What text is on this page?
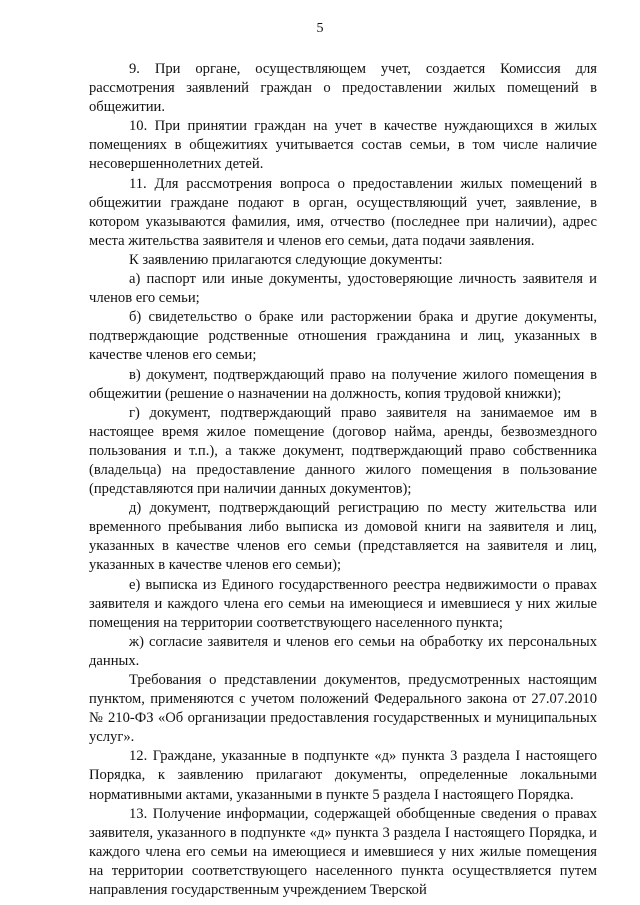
5

9. При органе, осуществляющем учет, создается Комиссия для рассмотрения заявлений граждан о предоставлении жилых помещений в общежитии.

10. При принятии граждан на учет в качестве нуждающихся в жилых помещениях в общежитиях учитывается состав семьи, в том числе наличие несовершеннолетних детей.

11. Для рассмотрения вопроса о предоставлении жилых помещений в общежитии граждане подают в орган, осуществляющий учет, заявление, в котором указываются фамилия, имя, отчество (последнее при наличии), адрес места жительства заявителя и членов его семьи, дата подачи заявления.

К заявлению прилагаются следующие документы:

а) паспорт или иные документы, удостоверяющие личность заявителя и членов его семьи;

б) свидетельство о браке или расторжении брака и другие документы, подтверждающие родственные отношения гражданина и лиц, указанных в качестве членов его семьи;

в) документ, подтверждающий право на получение жилого помещения в общежитии (решение о назначении на должность, копия трудовой книжки);

г) документ, подтверждающий право заявителя на занимаемое им в настоящее время жилое помещение (договор найма, аренды, безвозмездного пользования и т.п.), а также документ, подтверждающий право собственника (владельца) на предоставление данного жилого помещения в пользование (представляются при наличии данных документов);

д) документ, подтверждающий регистрацию по месту жительства или временного пребывания либо выписка из домовой книги на заявителя и лиц, указанных в качестве членов его семьи (представляется на заявителя и лиц, указанных в качестве членов его семьи);

е) выписка из Единого государственного реестра недвижимости о правах заявителя и каждого члена его семьи на имеющиеся и имевшиеся у них жилые помещения на территории соответствующего населенного пункта;

ж) согласие заявителя и членов его семьи на обработку их персональных данных.

Требования о представлении документов, предусмотренных настоящим пунктом, применяются с учетом положений Федерального закона от 27.07.2010 № 210-ФЗ «Об организации предоставления государственных и муниципальных услуг».

12. Граждане, указанные в подпункте «д» пункта 3 раздела I настоящего Порядка, к заявлению прилагают документы, определенные локальными нормативными актами, указанными в пункте 5 раздела I настоящего Порядка.

13. Получение информации, содержащей обобщенные сведения о правах заявителя, указанного в подпункте «д» пункта 3 раздела I настоящего Порядка, и каждого члена его семьи на имеющиеся и имевшиеся у них жилые помещения на территории соответствующего населенного пункта осуществляется путем направления государственным учреждением Тверской
